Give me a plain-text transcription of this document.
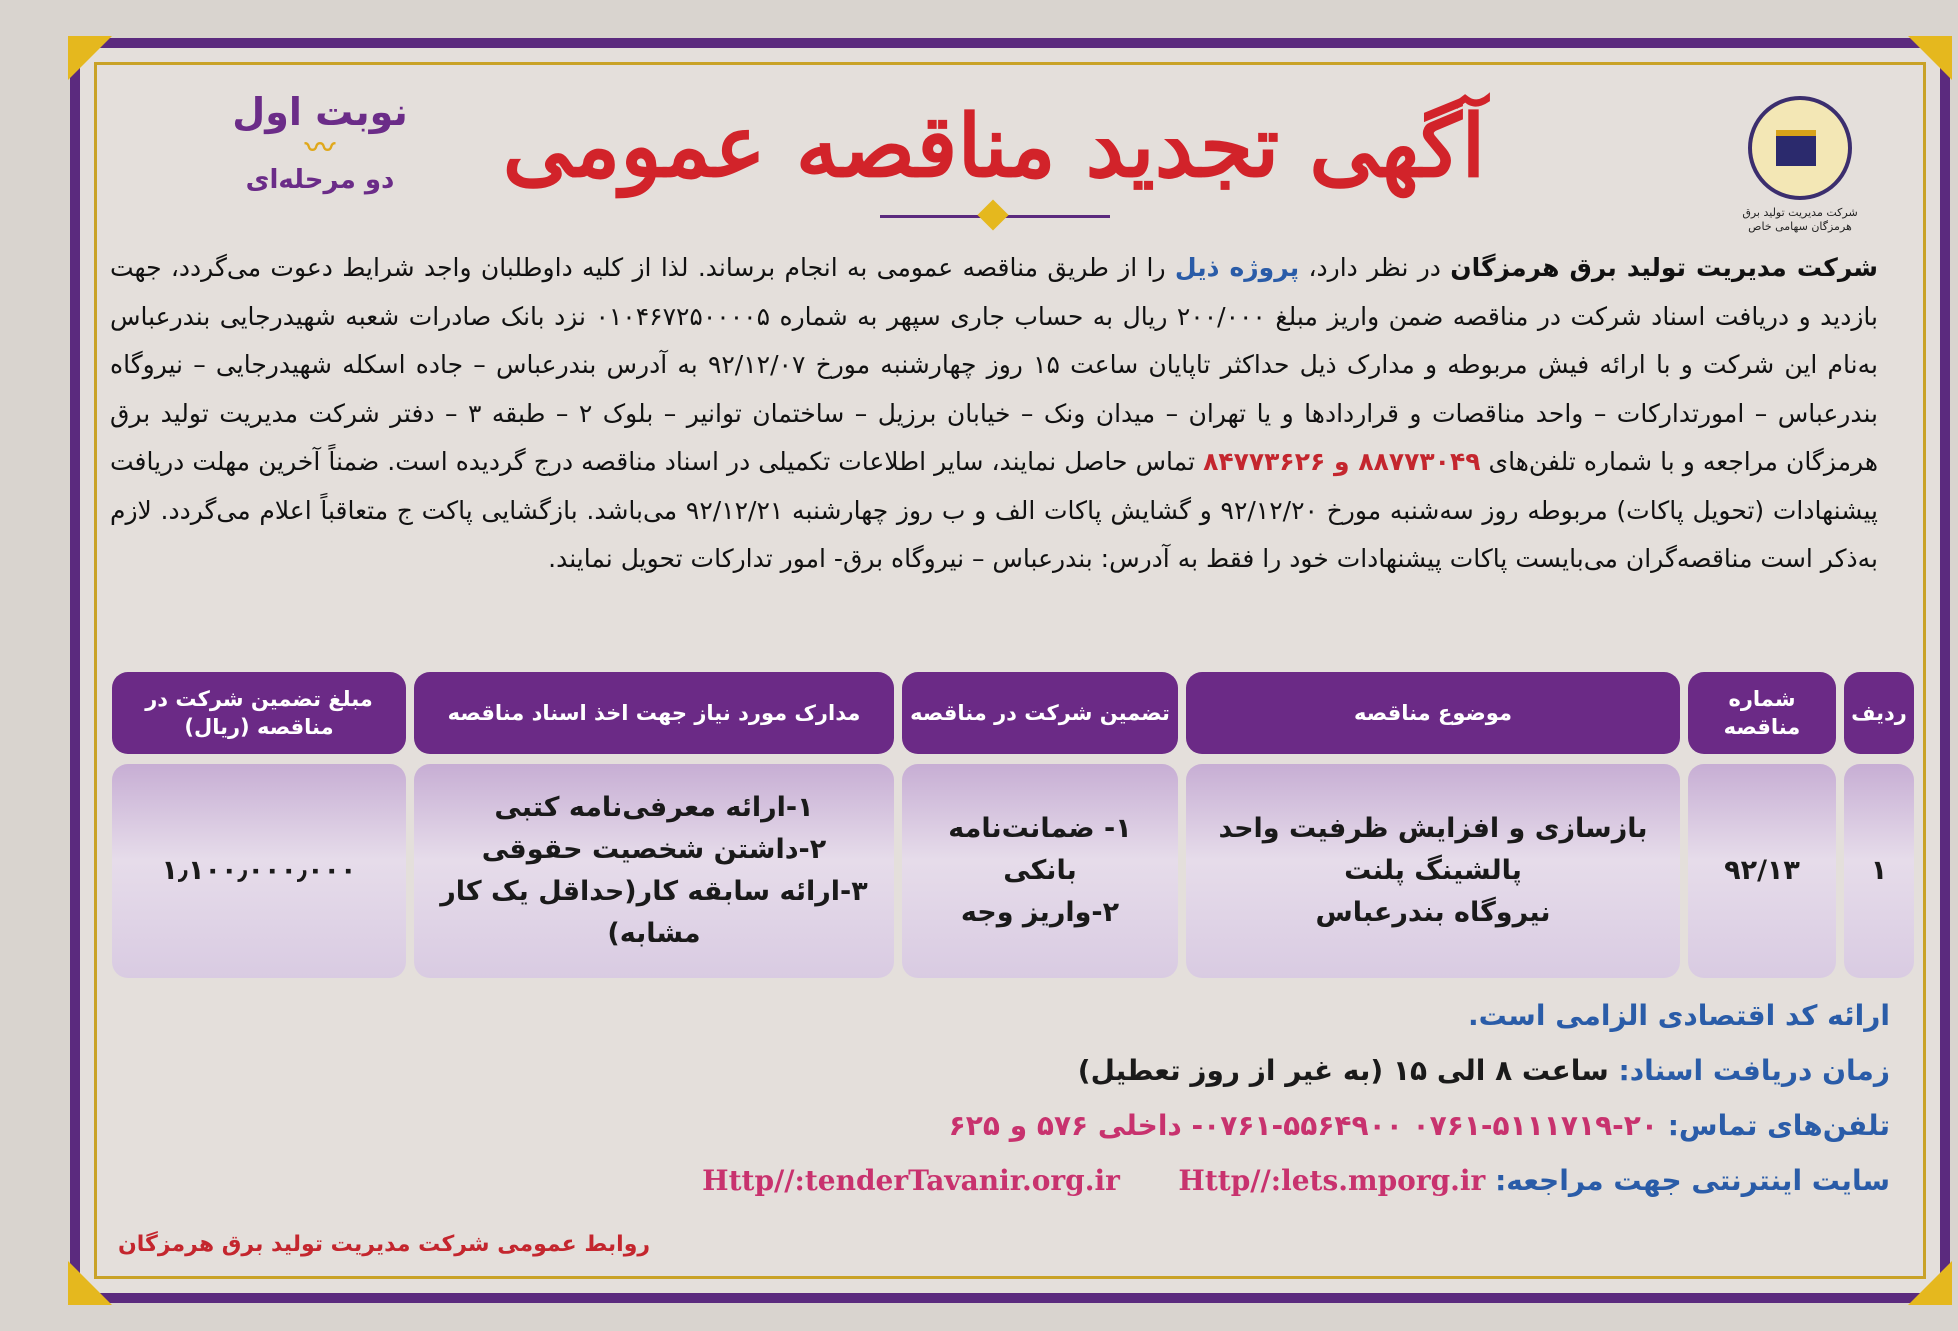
شرکت مدیریت تولید برق هرمزگان سهامی خاص
نوبت اول
〰
دو مرحله‌ای	آگهی تجدید مناقصه عمومی
شرکت مدیریت تولید برق هرمزگان در نظر دارد، پروژه ذیل را از طریق مناقصه عمومی به انجام برساند. لذا از کلیه داوطلبان واجد شرایط دعوت می‌گردد، جهت بازدید و دریافت اسناد شرکت در مناقصه ضمن واریز مبلغ ۲۰۰/۰۰۰ ریال به حساب جاری سپهر به شماره ۰۱۰۴۶۷۲۵۰۰۰۰۵ نزد بانک صادرات شعبه شهیدرجایی بندرعباس به‌نام این شرکت و با ارائه فیش مربوطه و مدارک ذیل حداکثر تاپایان ساعت ۱۵ روز چهارشنبه مورخ ۹۲/۱۲/۰۷ به آدرس بندرعباس – جاده اسکله شهیدرجایی – نیروگاه بندرعباس – امورتدارکات – واحد مناقصات و قراردادها و یا تهران – میدان ونک – خیابان برزیل – ساختمان توانیر – بلوک ۲ – طبقه ۳ – دفتر شرکت مدیریت تولید برق هرمزگان مراجعه و با شماره تلفن‌های ۸۸۷۷۳۰۴۹ و ۸۴۷۷۳۶۲۶ تماس حاصل نمایند، سایر اطلاعات تکمیلی در اسناد مناقصه درج گردیده است. ضمناً آخرین مهلت دریافت پیشنهادات (تحویل پاکات) مربوطه روز سه‌شنبه مورخ ۹۲/۱۲/۲۰ و گشایش پاکات الف و ب روز چهارشنبه ۹۲/۱۲/۲۱ می‌باشد. بازگشایی پاکت ج متعاقباً اعلام می‌گردد. لازم به‌ذکر است مناقصه‌گران می‌بایست پاکات پیشنهادات خود را فقط به آدرس: بندرعباس – نیروگاه برق- امور تدارکات تحویل نمایند.
ردیف
۱
شماره مناقصه
۹۲/۱۳
موضوع مناقصه
بازسازی و افزایش ظرفیت واحد
پالشینگ پلنت
نیروگاه بندرعباس
تضمین شرکت در مناقصه
۱- ضمانت‌نامه بانکی
۲-واریز وجه
مدارک مورد نیاز جهت اخذ اسناد مناقصه
۱-ارائه معرفی‌نامه کتبی
۲-داشتن شخصیت حقوقی
۳-ارائه سابقه کار(حداقل یک کار مشابه)
مبلغ تضمین شرکت در مناقصه (ریال)
۱٫۱۰۰٫۰۰۰٫۰۰۰
ارائه کد اقتصادی الزامی است.
زمان دریافت اسناد: ساعت ۸ الی ۱۵ (به غیر از روز تعطیل)
تلفن‌های تماس: ۲۰-۵۱۱۱۷۱۹-۰۷۶۱ ۵۵۶۴۹۰۰-۰۷۶۱- داخلی ۵۷۶ و ۶۲۵
سایت اینترنتی جهت مراجعه: Http//:lets.mporg.ir      Http//:tenderTavanir.org.ir
روابط عمومی شرکت مدیریت تولید برق هرمزگان
